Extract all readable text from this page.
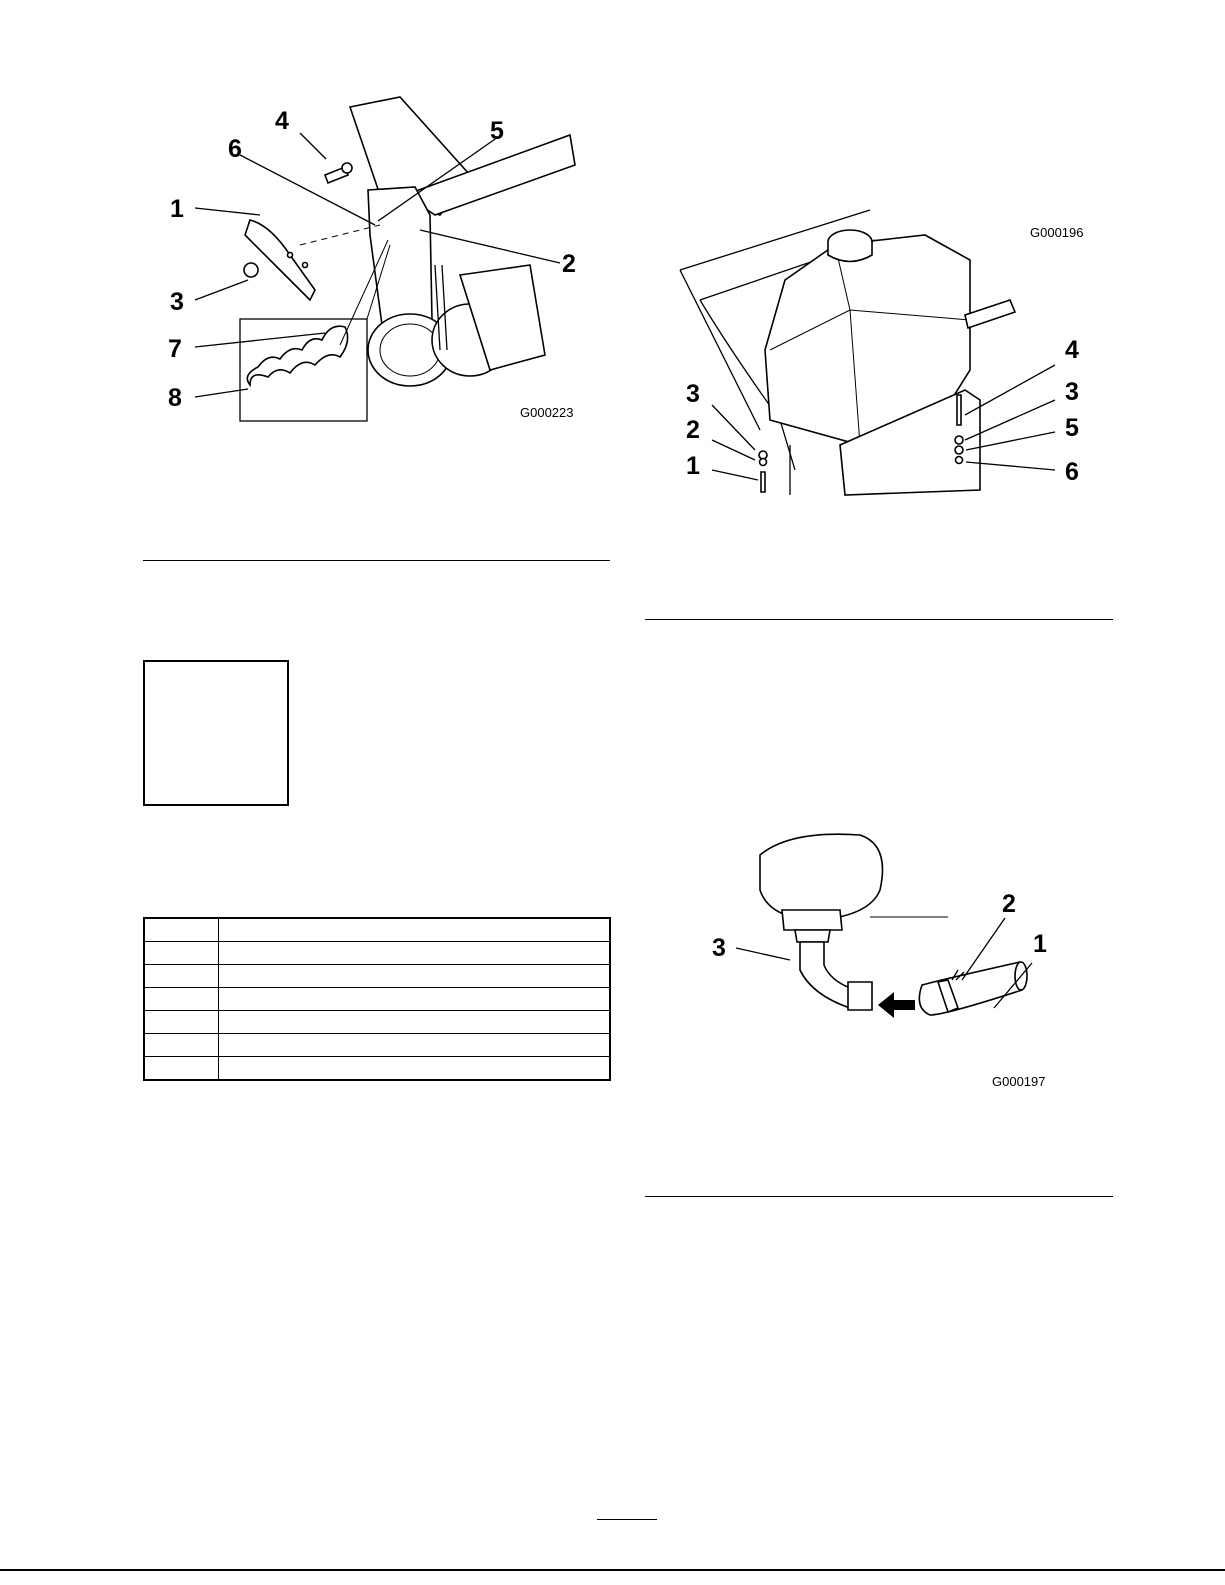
1
2
3
4	5
6
7
8
G000223

G000196
3
2
1
4
3
5
6
3
2
1
G000197
